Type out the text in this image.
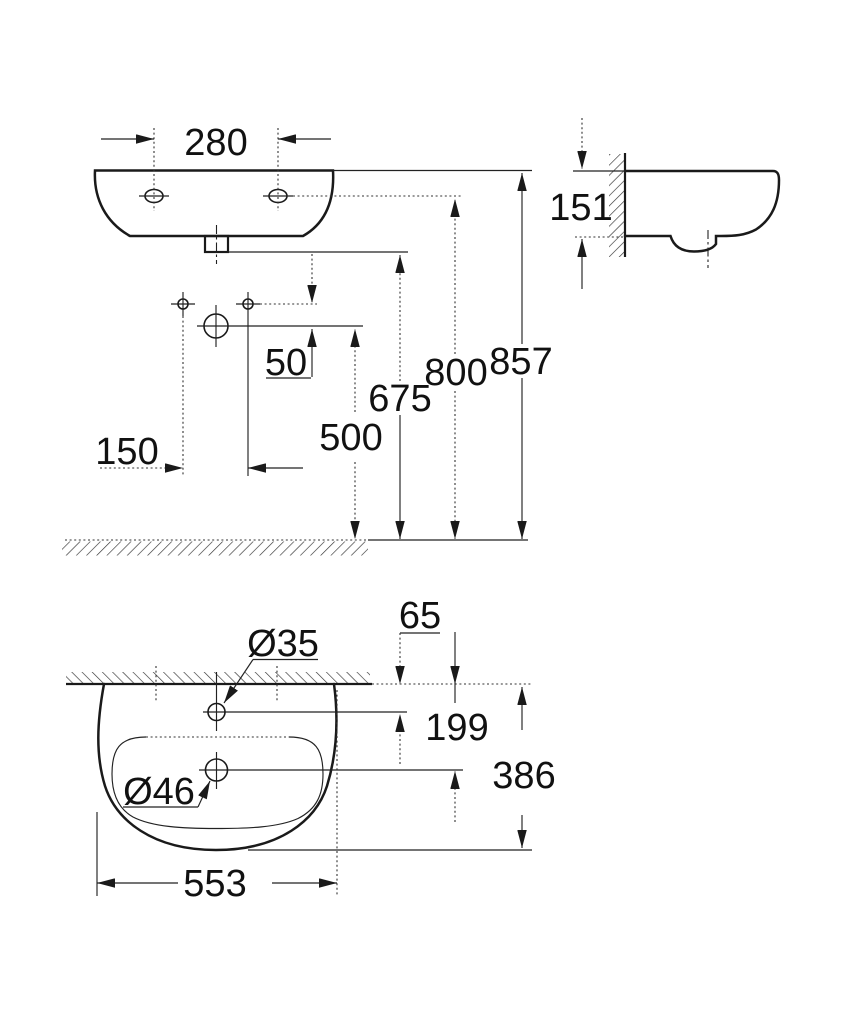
280
50
150	500
675
800 857
151
Ø35
Ø46
65
199
386
553
